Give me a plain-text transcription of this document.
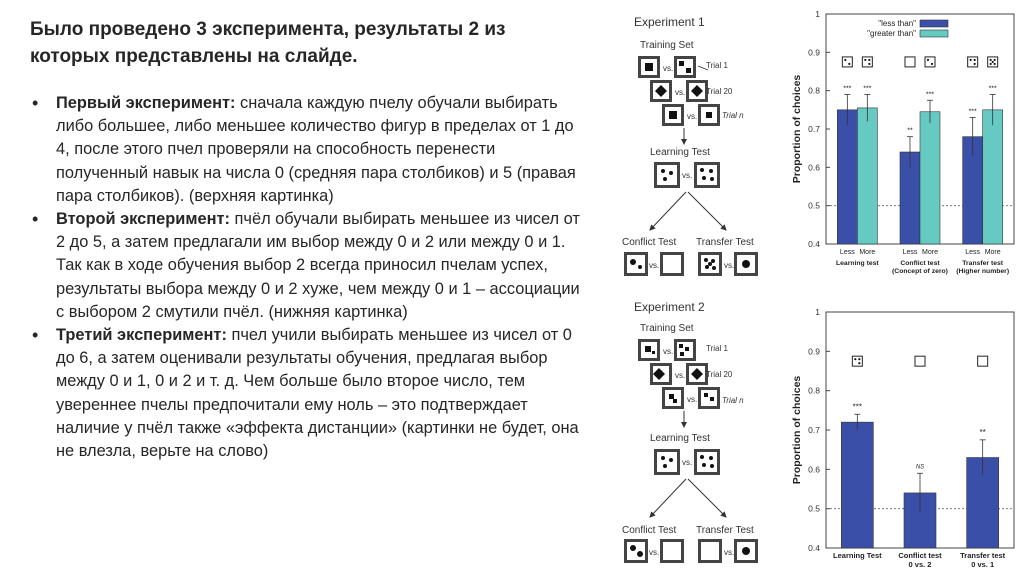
Было проведено 3 эксперимента, результаты 2 из которых представлены на слайде.
• Первый эксперимент: сначала каждую пчелу обучали выбирать либо большее, либо меньшее количество фигур в пределах от 1 до 4, после этого пчел проверяли на способность перенести полученный навык на числа 0 (средняя пара столбиков) и 5 (правая пара столбиков). (верхняя картинка)
• Второй эксперимент: пчёл обучали выбирать меньшее из чисел от 2 до 5, а затем предлагали им выбор между 0 и 2 или между 0 и 1. Так как в ходе обучения выбор 2 всегда приносил пчелам успех, результаты выбора между 0 и 2 хуже, чем между 0 и 1 – ассоциации с выбором 2 смутили пчёл. (нижняя картинка)
• Третий эксперимент: пчел учили выбирать меньшее из чисел от 0 до 6, а затем оценивали результаты обучения, предлагая выбор между 0 и 1, 0 и 2 и т. д. Чем больше было второе число, тем увереннее пчелы предпочитали ему ноль – это подтверждает наличие у пчёл также «эффекта дистанции» (картинки не будет, она не влезла, верьте на слово)
Experiment 1
Training Set
vs.
vs.
vs.
Trial 1
Trial 20
Trial n
Learning Test
vs.
Conflict Test Transfer Test
vs.	vs.
Experiment 2
Training Set
vs.
vs.
vs.
Trial 1
Trial 20
Trial n
Learning Test
vs.
Conflict Test Transfer Test
vs.	vs.
0.4
0.5
0.6
0.7
0.8
0.9
1
Proportion of choices	***
Less
***
More
Learning test
**
Less
***
More
Conflict test
(Concept of zero)
***
Less
***
More
Transfer test
(Higher number)
"less than"
"greater than"
0.4
0.5
0.6
0.7
0.8
0.9
1
Proportion of choices	***
Learning Test
NS
Conflict test
0 vs. 2
**
Transfer test
0 vs. 1
